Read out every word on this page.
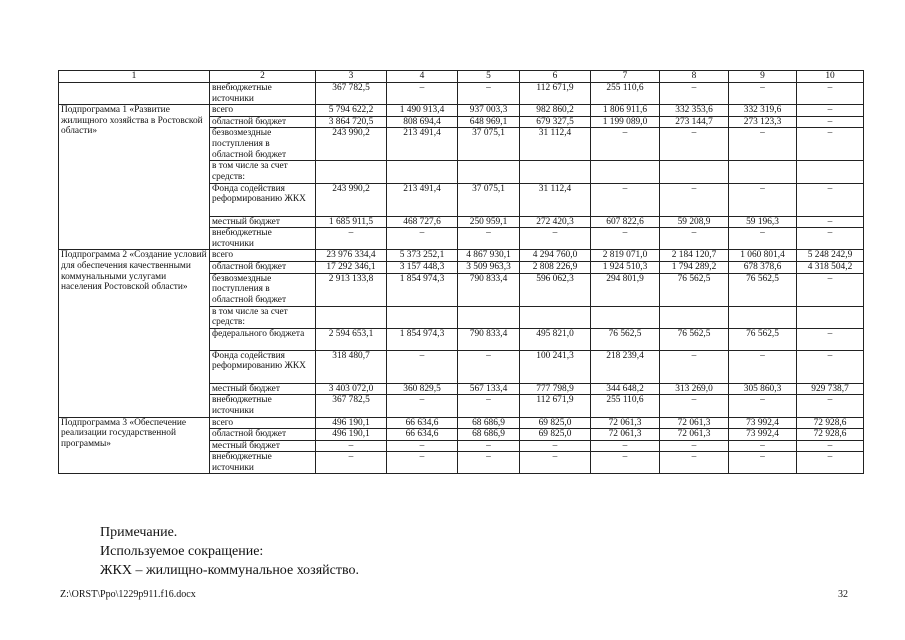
1	2	3	4	5	6	7	8	9	10
	внебюджетные источники	367 782,5	–	–	112 671,9	255 110,6	–	–	–
Подпрограмма 1 «Развитие жилищного хозяйства в Ростовской области»	всего	5 794 622,2	1 490 913,4	937 003,3	982 860,2	1 806 911,6	332 353,6	332 319,6	–
	областной бюджет	3 864 720,5	808 694,4	648 969,1	679 327,5	1 199 089,0	273 144,7	273 123,3	–
	безвозмездные поступления в областной бюджет	243 990,2	213 491,4	37 075,1	31 112,4	–	–	–	–
	в том числе за счет средств:								
	Фонда содействия реформированию ЖКХ	243 990,2	213 491,4	37 075,1	31 112,4	–	–	–	–
	местный бюджет	1 685 911,5	468 727,6	250 959,1	272 420,3	607 822,6	59 208,9	59 196,3	–
	внебюджетные источники	–	–	–	–	–	–	–	–
Подпрограмма 2 «Создание условий для обеспечения качественными коммунальными услугами населения Ростовской области»	всего	23 976 334,4	5 373 252,1	4 867 930,1	4 294 760,0	2 819 071,0	2 184 120,7	1 060 801,4	5 248 242,9
	областной бюджет	17 292 346,1	3 157 448,3	3 509 963,3	2 808 226,9	1 924 510,3	1 794 289,2	678 378,6	4 318 504,2
	безвозмездные поступления в областной бюджет	2 913 133,8	1 854 974,3	790 833,4	596 062,3	294 801,9	76 562,5	76 562,5	–
	в том числе за счет средств:								
	федерального бюджета	2 594 653,1	1 854 974,3	790 833,4	495 821,0	76 562,5	76 562,5	76 562,5	–
	Фонда содействия реформированию ЖКХ	318 480,7	–	–	100 241,3	218 239,4	–	–	–
	местный бюджет	3 403 072,0	360 829,5	567 133,4	777 798,9	344 648,2	313 269,0	305 860,3	929 738,7
	внебюджетные источники	367 782,5	–	–	112 671,9	255 110,6	–	–	–
Подпрограмма 3 «Обеспечение реализации государственной программы»	всего	496 190,1	66 634,6	68 686,9	69 825,0	72 061,3	72 061,3	73 992,4	72 928,6
	областной бюджет	496 190,1	66 634,6	68 686,9	69 825,0	72 061,3	72 061,3	73 992,4	72 928,6
	местный бюджет	–	–	–	–	–	–	–	–
	внебюджетные источники	–	–	–	–	–	–	–	–
Примечание.
Используемое сокращение:
ЖКХ – жилищно-коммунальное хозяйство.
Z:\ORST\Ppo\1229p911.f16.docx	32
